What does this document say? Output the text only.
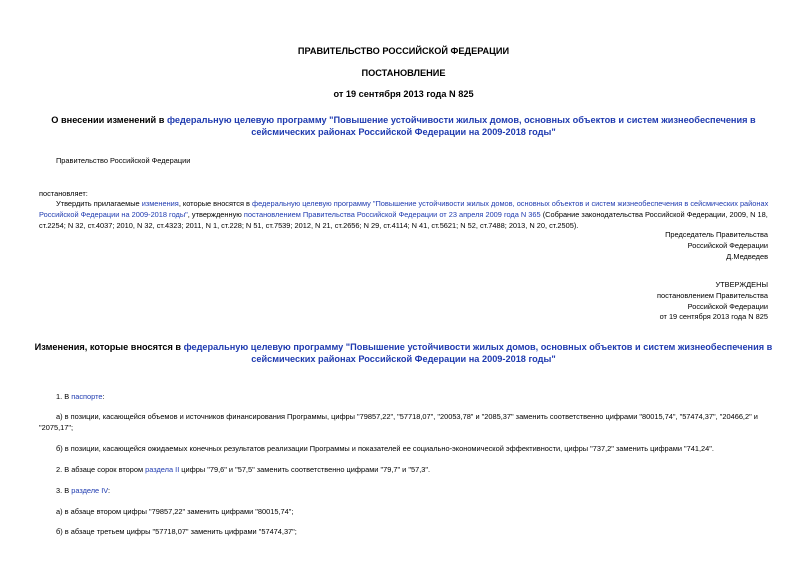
ПРАВИТЕЛЬСТВО РОССИЙСКОЙ ФЕДЕРАЦИИ
ПОСТАНОВЛЕНИЕ
от 19 сентября 2013 года N 825
О внесении изменений в федеральную целевую программу "Повышение устойчивости жилых домов, основных объектов и систем жизнеобеспечения в
сейсмических районах Российской Федерации на 2009-2018 годы"
Правительство Российской Федерации
постановляет:
Утвердить прилагаемые изменения, которые вносятся в федеральную целевую программу "Повышение устойчивости жилых домов, основных объектов и систем жизнеобеспечения в сейсмических районах
Российской Федерации на 2009-2018 годы", утвержденную постановлением Правительства Российской Федерации от 23 апреля 2009 года N 365 (Собрание законодательства Российской Федерации, 2009, N 18,
ст.2254; N 32, ст.4037; 2010, N 32, ст.4323; 2011, N 1, ст.228; N 51, ст.7539; 2012, N 21, ст.2656; N 29, ст.4114; N 41, ст.5621; N 52, ст.7488; 2013, N 20, ст.2505).
Председатель Правительства
Российской Федерации
Д.Медведев
УТВЕРЖДЕНЫ
постановлением Правительства
Российской Федерации
от 19 сентября 2013 года N 825
Изменения, которые вносятся в федеральную целевую программу "Повышение устойчивости жилых домов, основных объектов и систем жизнеобеспечения в
сейсмических районах Российской Федерации на 2009-2018 годы"
1. В паспорте:
а) в позиции, касающейся объемов и источников финансирования Программы, цифры "79857,22", "57718,07", "20053,78" и "2085,37" заменить соответственно цифрами "80015,74", "57474,37", "20466,2" и
"2075,17";
б) в позиции, касающейся ожидаемых конечных результатов реализации Программы и показателей ее социально-экономической эффективности, цифры "737,2" заменить цифрами "741,24".
2. В абзаце сорок втором раздела II цифры "79,6" и "57,5" заменить соответственно цифрами "79,7" и "57,3".
3. В разделе IV:
а) в абзаце втором цифры "79857,22" заменить цифрами "80015,74";
б) в абзаце третьем цифры "57718,07" заменить цифрами "57474,37";
